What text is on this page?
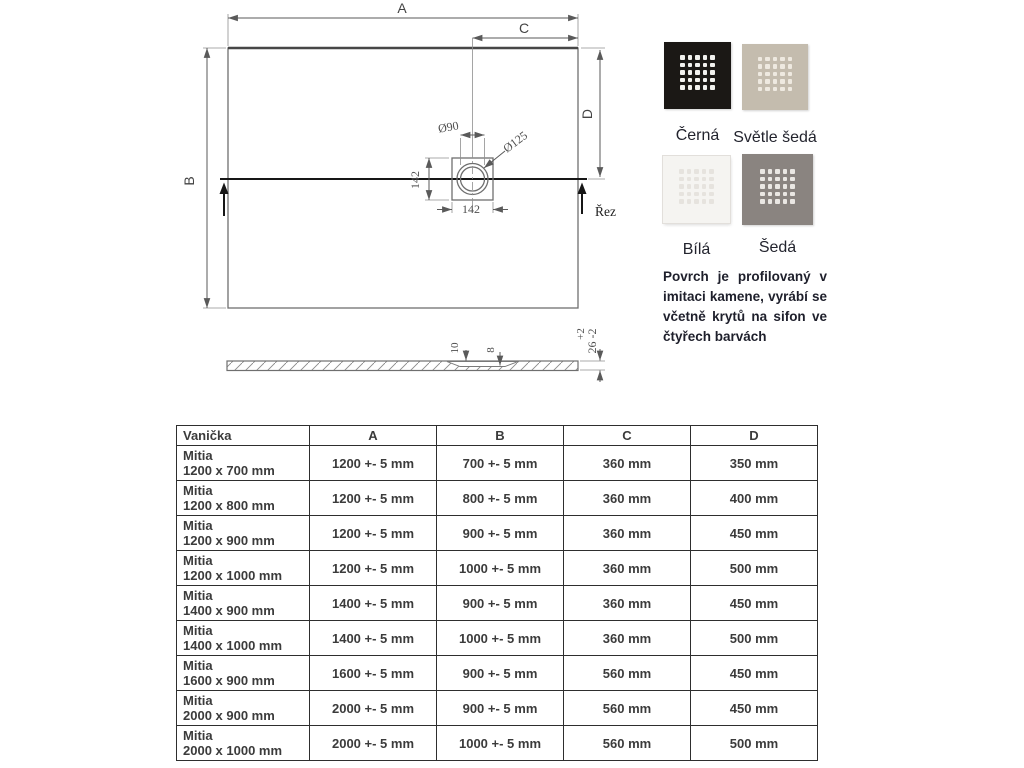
A
C
B
D
Řez
Ø90
Ø125
142
142
10 8
+2
26 -2
Černá Světle šedá
Bílá	Šedá
Povrch je profilovaný v imitaci kamene, vyrábí se včetně krytů na sifon ve čtyřech barvách
Vanička	A	B	C	D
Mitia
1200 x 700 mm	1200 +- 5 mm	700 +- 5 mm	360 mm	350 mm
Mitia
1200 x 800 mm	1200 +- 5 mm	800 +- 5 mm	360 mm	400 mm
Mitia
1200 x 900 mm	1200 +- 5 mm	900 +- 5 mm	360 mm	450 mm
Mitia
1200 x 1000 mm	1200 +- 5 mm	1000 +- 5 mm	360 mm	500 mm
Mitia
1400 x 900 mm	1400 +- 5 mm	900 +- 5 mm	360 mm	450 mm
Mitia
1400 x 1000 mm	1400 +- 5 mm	1000 +- 5 mm	360 mm	500 mm
Mitia
1600 x 900 mm	1600 +- 5 mm	900 +- 5 mm	560 mm	450 mm
Mitia
2000 x 900 mm	2000 +- 5 mm	900 +- 5 mm	560 mm	450 mm
Mitia
2000 x 1000 mm	2000 +- 5 mm	1000 +- 5 mm	560 mm	500 mm
